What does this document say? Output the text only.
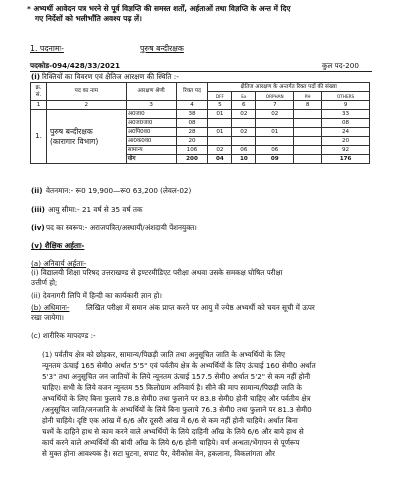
* अभ्यर्थी आवेदन पत्र भरने से पूर्व विज्ञप्ति की समस्त शर्तों, अर्हताओं तथा विज्ञप्ति के अन्त में दिए
गए निर्देशों को भलीभाँति अवश्य पढ़ लें।
1. पदनामः-	पुरुष बन्दीरक्षक
पदकोड-094/428/33/2021	कुल पद-200
(i) रिक्तियों का विवरण एवं क्षैतिज आरक्षण की स्थिति :-
क्र. सं.	पद का नाम	आरक्षण श्रेणी	रिक्त पद	क्षैतिज आरक्षण के अन्तर्गत रिक्त पदों की संख्या				
				DFF	Ex	ORPHAN	PH	OTHERS
1	2	3	4	5	6	7	8	9
1.	पुरुष बन्दीरक्षक
(कारागार विभाग)	अ0जा0	38	01	02	02		33
		अ0ज0जा0	08					08
		अ0पि0व0	28	01	02	01		24
		आ0क0व0	20					20
		सामान्य	106	02	06	06		92
		योग	200	04	10	09		176
(ii) वेतनमान:- रू0 19,900—रू0 63,200 (लेवल-02)
(iii) आयु सीमा:- 21 वर्ष से 35 वर्ष तक
(iv) पद का स्वरूप:- अराजपत्रित/अस्थायी/अंशदायी पेंशनयुक्त।
(v) शैक्षिक अर्हताः-
(a) अनिवार्य अर्हताः-
(i) विद्यालयी शिक्षा परिषद उत्तराखण्ड से इण्टरमीडिएट परीक्षा अथवा उसके समकक्ष घोषित परीक्षा
उत्तीर्ण हो;
(ii) देवनागरी लिपि में हिन्दी का कार्यकारी ज्ञान हो।
(b) अधिमानः- लिखित परीक्षा में समान अंक प्राप्त करने पर आयु में ज्येष्ठ अभ्यर्थी को चयन सूची में ऊपर
रखा जायेगा।
(c) शारीरिक मापदण्ड :-
(1) पर्वतीय क्षेत्र को छोड़कर, सामान्य/पिछड़ी जाति तथा अनुसूचित जाति के अभ्यर्थियों के लिए
न्यूनतम ऊंचाई 165 सेमी0 अर्थात 5'5" एवं पर्वतीय क्षेत्र के अभ्यर्थियों के लिए ऊंचाई 160 सेमी0 अर्थात
5'3" तथा अनुसूचित जन जातियों के लिये न्यूनतम ऊंचाई 157.5 सेमी0 अर्थात 5'2" से कम नहीं होनी
चाहिए। सभी के लिये वजन न्यूनतम 55 किलोग्राम अनिवार्य है। सीने की माप सामान्य/पिछड़ी जाति के
अभ्यर्थियों के लिए बिना फुलाये 78.8 सेमी0 तथा फुलाने पर 83.8 सेमी0 होनी चाहिए और पर्वतीय क्षेत्र
/अनुसूचित जाति/जनजाति के अभ्यर्थियों के लिये बिना फुलाये 76.3 सेमी0 तथा फुलाने पर 81.3 सेमी0
होनी चाहिये। दृष्टि एक आंख में 6/6 और दूसरी आंख में 6/6 से कम नहीं होनी चाहिये। अर्थात बिना
चश्में के दाहिने हाथ से काम करने वाले अभ्यर्थियों के लिये दाहिनी आँख के लिये 6/6 और बाये हाथ से
कार्य करने वाले अभ्यर्थियों की बांयी आँख के लिये 6/6 होनी चाहिये। वर्ण अन्धता/भेंगापन से पूर्णरूप
से मुक्त होना आवश्यक है। सटा घुटना, सपाट पैर, वेरीकोस वेन, हकलाना, विकलांगता और
